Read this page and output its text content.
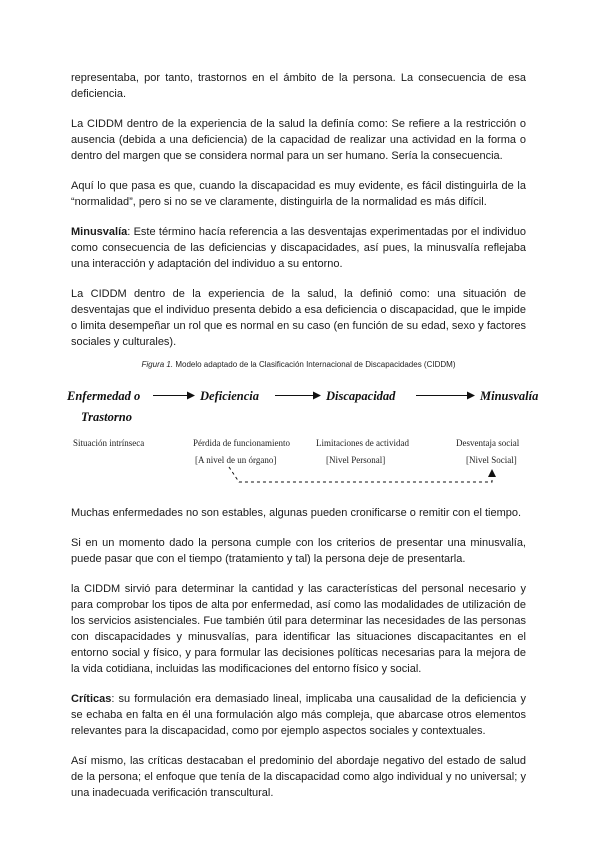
representaba, por tanto, trastornos en el ámbito de la persona. La consecuencia de esa deficiencia.

La CIDDM dentro de la experiencia de la salud la definía como: Se refiere a la restricción o ausencia (debida a una deficiencia) de la capacidad de realizar una actividad en la forma o dentro del margen que se considera normal para un ser humano. Sería la consecuencia.

Aquí lo que pasa es que, cuando la discapacidad es muy evidente, es fácil distinguirla de la “normalidad”, pero si no se ve claramente, distinguirla de la normalidad es más difícil.

Minusvalía: Este término hacía referencia a las desventajas experimentadas por el individuo como consecuencia de las deficiencias y discapacidades, así pues, la minusvalía reflejaba una interacción y adaptación del individuo a su entorno.

La CIDDM dentro de la experiencia de la salud, la definió como: una situación de desventajas que el individuo presenta debido a esa deficiencia o discapacidad, que le impide o limita desempeñar un rol que es normal en su caso (en función de su edad, sexo y factores sociales y culturales).

Figura 1. Modelo adaptado de la Clasificación Internacional de Discapacidades (CIDDM)
Enfermedad o
Trastorno
Deficiencia	Discapacidad	Minusvalía
Situación intrínseca	Pérdida de funcionamiento
[A nivel de un órgano]
Limitaciones de actividad
[Nivel Personal]
Desventaja social
[Nivel Social]

Muchas enfermedades no son estables, algunas pueden cronificarse o remitir con el tiempo.

Si en un momento dado la persona cumple con los criterios de presentar una minusvalía, puede pasar que con el tiempo (tratamiento y tal) la persona deje de presentarla.

la CIDDM sirvió para determinar la cantidad y las características del personal necesario y para comprobar los tipos de alta por enfermedad, así como las modalidades de utilización de los servicios asistenciales. Fue también útil para determinar las necesidades de las personas con discapacidades y minusvalías, para identificar las situaciones discapacitantes en el entorno social y físico, y para formular las decisiones políticas necesarias para la mejora de la vida cotidiana, incluidas las modificaciones del entorno físico y social.

Críticas: su formulación era demasiado lineal, implicaba una causalidad de la deficiencia y se echaba en falta en él una formulación algo más compleja, que abarcase otros elementos relevantes para la discapacidad, como por ejemplo aspectos sociales y contextuales.

Así mismo, las críticas destacaban el predominio del abordaje negativo del estado de salud de la persona; el enfoque que tenía de la discapacidad como algo individual y no universal; y una inadecuada verificación transcultural.
